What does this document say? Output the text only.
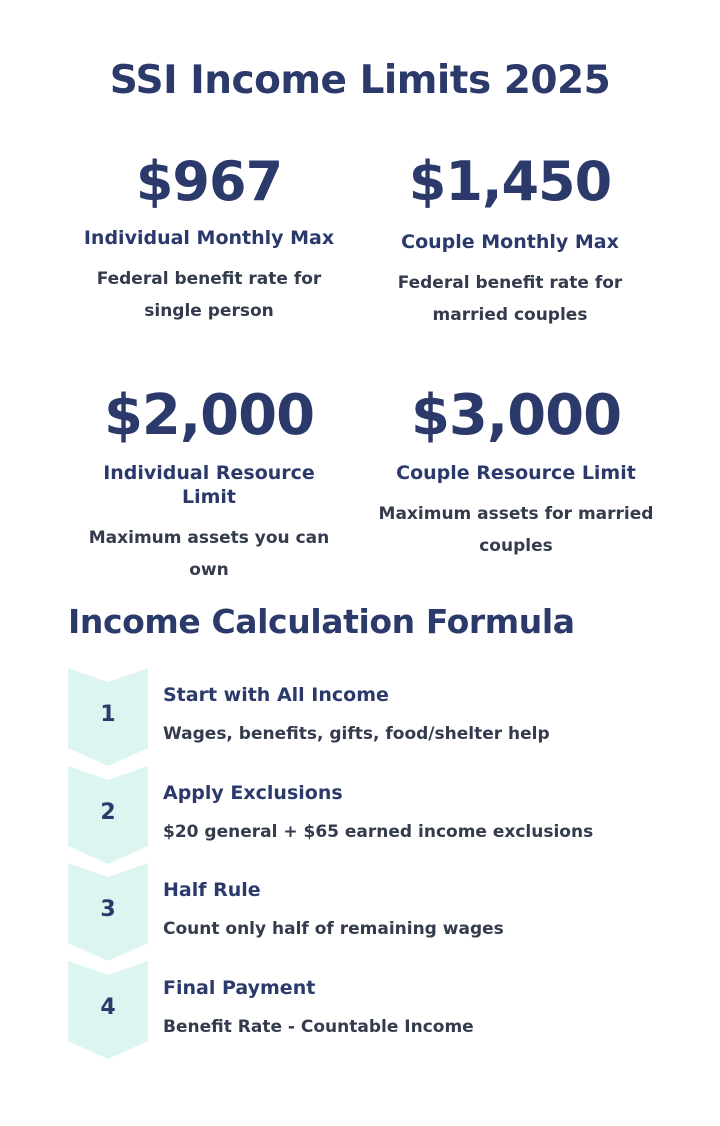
SSI Income Limits 2025
$967
Individual Monthly Max
Federal benefit rate for single person
$1,450
Couple Monthly Max
Federal benefit rate for married couples
$2,000
Individual Resource Limit
Maximum assets you can own
$3,000
Couple Resource Limit
Maximum assets for married couples
Income Calculation Formula
1
Start with All Income
Wages, benefits, gifts, food/shelter help
2
Apply Exclusions
$20 general + $65 earned income exclusions
3
Half Rule
Count only half of remaining wages
4
Final Payment
Benefit Rate - Countable Income
